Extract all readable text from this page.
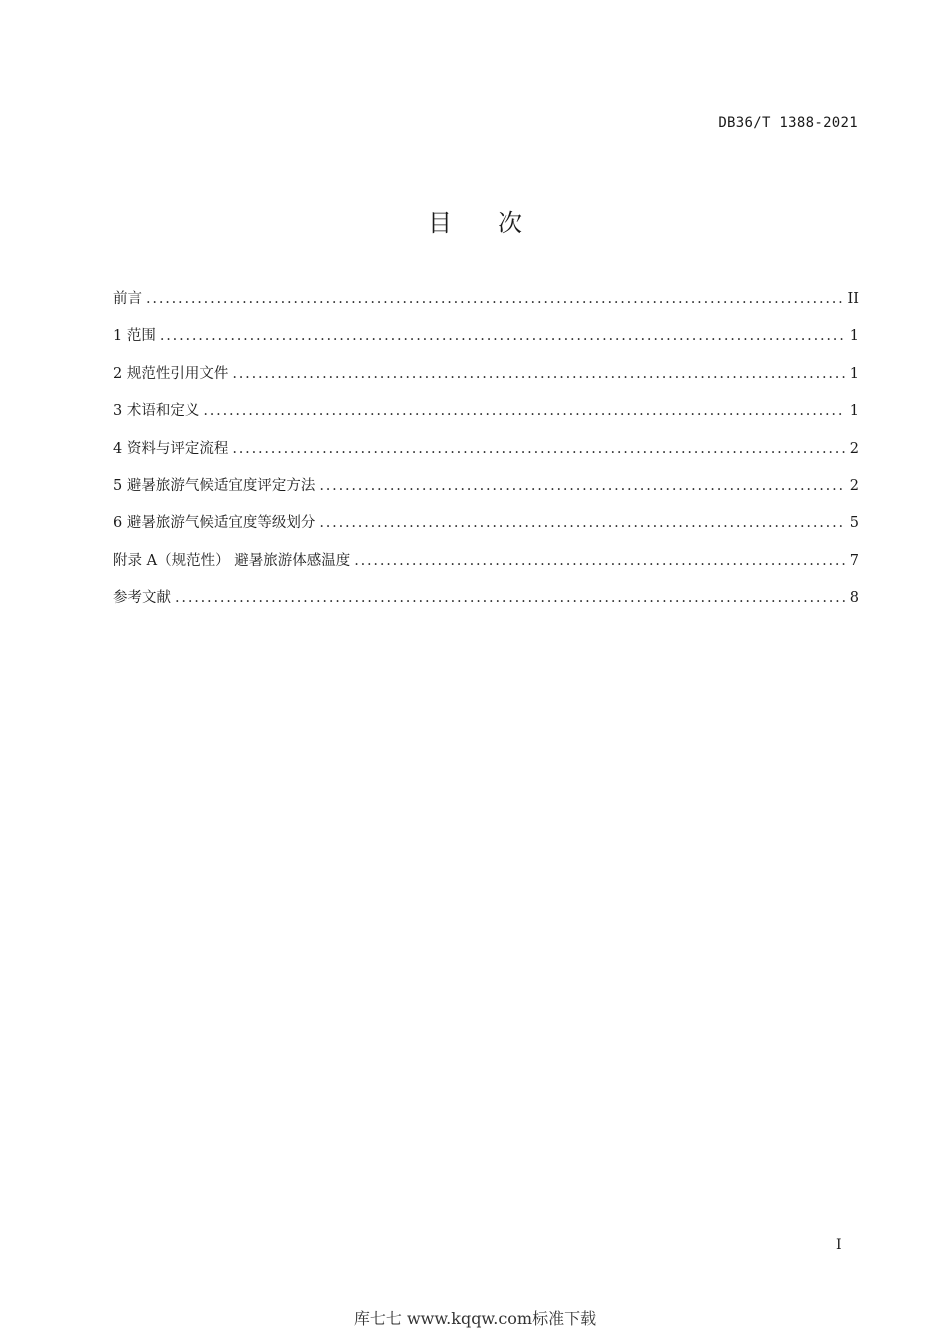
DB36/T 1388-2021
目 次
前言 .....	II
1 范围 .....	1
2 规范性引用文件 .....	1
3 术语和定义 .....	1
4 资料与评定流程 .....	2
5 避暑旅游气候适宜度评定方法 .....	2
6 避暑旅游气候适宜度等级划分 .....	5
附录 A（规范性） 避暑旅游体感温度 .....	7
参考文献 .....	8
I
库七七 www.kqqw.com标准下载
